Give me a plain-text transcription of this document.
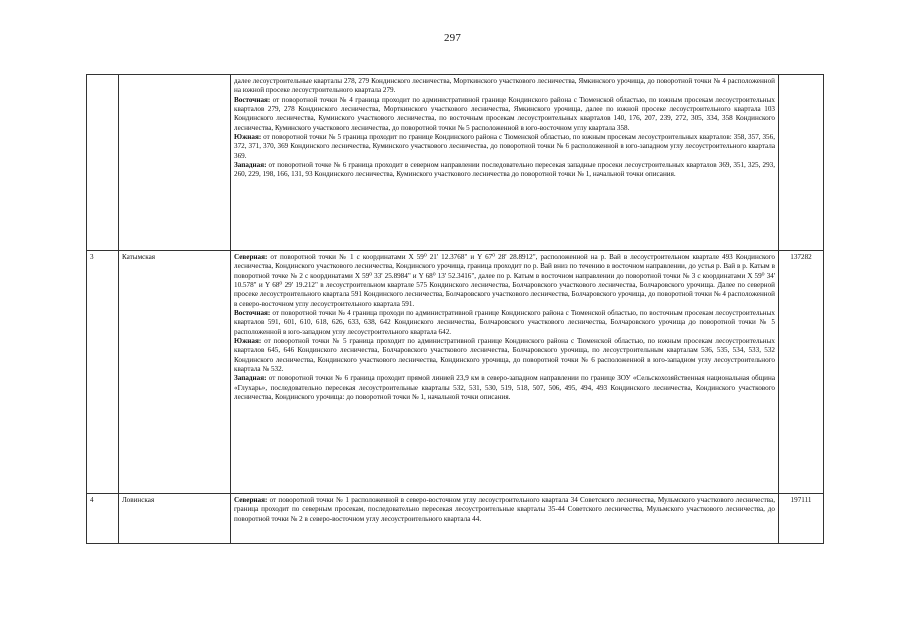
297

		далее лесоустроительные кварталы 278, 279 Кондинского лесничества, Морткинского участкового лесничества, Ямкинского урочища, до поворотной точки № 4 расположенной на южной просеке лесоустроительного квартала 279.
Восточная: от поворотной точки № 4 граница проходит по административной границе Кондинского района с Тюменской областью, по южным просекам лесоустроительных кварталов 279, 278 Кондинского лесничества, Морткинского участкового лесничества, Ямкинского урочища, далее по южной просеке лесоустроительного квартала 103 Кондинского лесничества, Куминского участкового лесничества, по восточным просекам лесоустроительных кварталов 140, 176, 207, 239, 272, 305, 334, 358 Кондинского лесничества, Куминского участкового лесничества, до поворотной точки № 5 расположенной в юго-восточном углу квартала 358.
Южная: от поворотной точки № 5 граница проходит по границе Кондинского района с Тюменской областью, по южным просекам лесоустроительных кварталов: 358, 357, 356, 372, 371, 370, 369 Кондинского лесничества, Куминского участкового лесничества, до поворотной точки № 6 расположенной в юго-западном углу лесоустроительного квартала 369.
Западная: от поворотной точке № 6 граница проходит в северном направлении последовательно пересекая западные просеки лесоустроительных кварталов 369, 351, 325, 293, 260, 229, 198, 166, 131, 93 Кондинского лесничества, Куминского участкового лесничества до поворотной точки № 1, начальной точки описания.	

3	Катымская	Северная: от поворотной точки № 1 с координатами X 59⁰ 21' 12.3768" и Y 67⁰ 28' 28.8912", расположенной на р. Вай в лесоустроительном квартале 493 Кондинского лесничества, Кондинского участкового лесничества, Кондинского урочища, граница проходит по р. Вай вниз по течению в восточном направлении, до устья р. Вай в р. Катым в поворотной точке № 2 с координатами X 59⁰ 33' 25.8984" и Y 68⁰ 13' 52.3416", далее по р. Катым в восточном направлении до поворотной точки № 3 с координатами X 59⁰ 34' 10.578" и Y 68⁰ 29' 19.212" в лесоустроительном квартале 575 Кондинского лесничества, Болчаровского участкового лесничества, Болчаровского урочища. Далее по северной просеке лесоустроительного квартала 591 Кондинского лесничества, Болчаровского участкового лесничества, Болчаровского урочища, до поворотной точки № 4 расположенной в северо-восточном углу лесоустроительного квартала 591.
Восточная: от поворотной точки № 4 граница проходи по административной границе Кондинского района с Тюменской областью, по восточным просекам лесоустроительных кварталов 591, 601, 610, 618, 626, 633, 638, 642 Кондинского лесничества, Болчаровского участкового лесничества, Болчаровского урочища до поворотной точки № 5 расположенной в юго-западном углу лесоустроительного квартала 642.
Южная: от поворотной точки № 5 граница проходит по административной границе Кондинского района с Тюменской областью, по южным просекам лесоустроительных кварталов 645, 646 Кондинского лесничества, Болчаровского участкового лесничества, Болчаровского урочища, по лесоустроительным кварталам 536, 535, 534, 533, 532 Кондинского лесничества, Кондинского участкового лесничества, Кондинского урочища, до поворотной точки № 6 расположенной в юго-западном углу лесоустроительного квартала № 532.
Западная: от поворотной точки № 6 граница проходит прямой линией 23,9 км в северо-западном направлении по границе ЗОУ «Сельскохозяйственная национальная община «Глухарь», последовательно пересекая лесоустроительные кварталы 532, 531, 530, 519, 518, 507, 506, 495, 494, 493 Кондинского лесничества, Кондинского участкового лесничества, Кондинского урочища: до поворотной точки № 1, начальной точки описания.	137282
4	Ловинская	Северная: от поворотной точки № 1 расположенной в северо-восточном углу лесоустроительного квартала 34 Советского лесничества, Мульмского участкового лесничества, граница проходит по северным просекам, последовательно пересекая лесоустроительные кварталы 35-44 Советского лесничества, Мульмского участкового лесничества, до поворотной точки № 2 в северо-восточном углу лесоустроительного квартала 44.	197111
